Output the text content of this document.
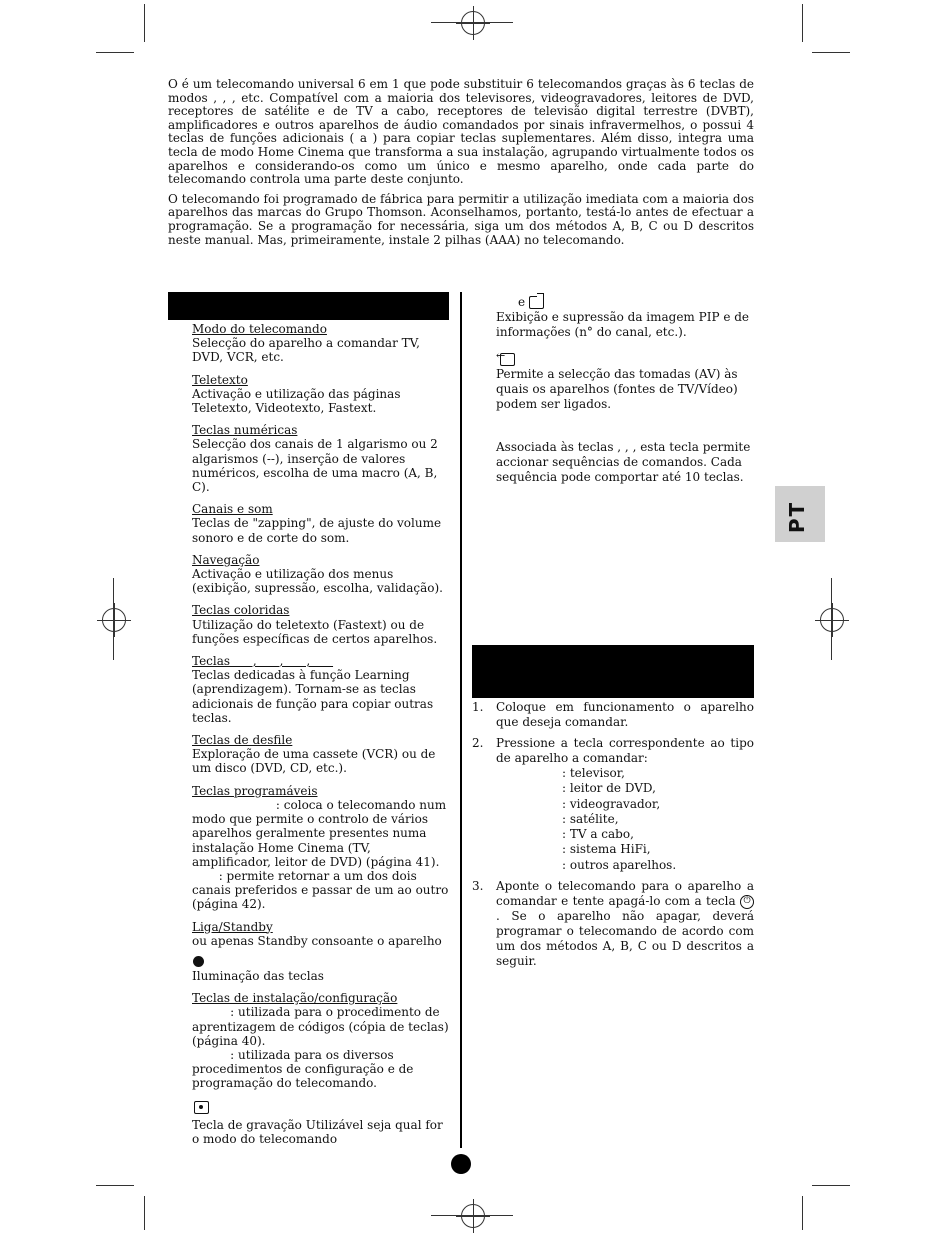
O é um telecomando universal 6 em 1 que pode substituir 6 telecomandos graças às 6 teclas de modos , , , etc. Compatível com a maioria dos televisores, videogravadores, leitores de DVD, receptores de satélite e de TV a cabo, receptores de televisão digital terrestre (DVBT), amplificadores e outros aparelhos de áudio comandados por sinais infravermelhos, o possui 4 teclas de funções adicionais ( a ) para copiar teclas suplementares. Além disso, integra uma tecla de modo Home Cinema que transforma a sua instalação, agrupando virtualmente todos os aparelhos e considerando-os como um único e mesmo aparelho, onde cada parte do telecomando controla uma parte deste conjunto.

O telecomando foi programado de fábrica para permitir a utilização imediata com a maioria dos aparelhos das marcas do Grupo Thomson. Aconselhamos, portanto, testá-lo antes de efectuar a programação. Se a programação for necessária, siga um dos métodos A, B, C ou D descritos neste manual. Mas, primeiramente, instale 2 pilhas (AAA) no telecomando.

Modo do telecomando
Selecção do aparelho a comandar TV, DVD, VCR, etc.
Teletexto
Activação e utilização das páginas Teletexto, Videotexto, Fastext.
Teclas numéricas
Selecção dos canais de 1 algarismo ou 2 algarismos (--), inserção de valores numéricos, escolha de uma macro (A, B, C).
Canais e som
Teclas de "zapping", de ajuste do volume sonoro e de corte do som.
Navegação
Activação e utilização dos menus (exibição, supressão, escolha, validação).
Teclas coloridas
Utilização do teletexto (Fastext) ou de funções específicas de certos aparelhos.
Teclas      ,      ,      ,
Teclas dedicadas à função Learning (aprendizagem). Tornam-se as teclas adicionais de função para copiar outras teclas.
Teclas de desfile
Exploração de uma cassete (VCR) ou de um disco (DVD, CD, etc.).
Teclas programáveis
: coloca o telecomando num modo que permite o controlo de vários aparelhos geralmente presentes numa instalação Home Cinema (TV, amplificador, leitor de DVD) (página 41).
: permite retornar a um dos dois canais preferidos e passar de um ao outro (página 42).
Liga/Standby
ou apenas Standby consoante o aparelho
Iluminação das teclas
Teclas de instalação/configuração
: utilizada para o procedimento de aprentizagem de códigos (cópia de teclas) (página 40).
: utilizada para os diversos procedimentos de configuração e de programação do telecomando.
Tecla de gravação Utilizável seja qual for o modo do telecomando
e
Exibição e supressão da imagem PIP e de informações (n° do canal, etc.).
←
Permite a selecção das tomadas (AV) às quais os aparelhos (fontes de TV/Vídeo) podem ser ligados.
Associada às teclas , , , esta tecla permite accionar sequências de comandos. Cada sequência pode comportar até 10 teclas.
1.	Coloque em funcionamento o aparelho que deseja comandar.
2.	Pressione a tecla correspondente ao tipo de aparelho a comandar:
: televisor,
: leitor de DVD,
: videogravador,
: satélite,
: TV a cabo,
: sistema HiFi,
: outros aparelhos.
3.	Aponte o telecomando para o aparelho a comandar e tente apagá-lo com a tecla ⏻. Se o aparelho não apagar, deverá programar o telecomando de acordo com um dos métodos A, B, C ou D descritos a seguir.
PT
